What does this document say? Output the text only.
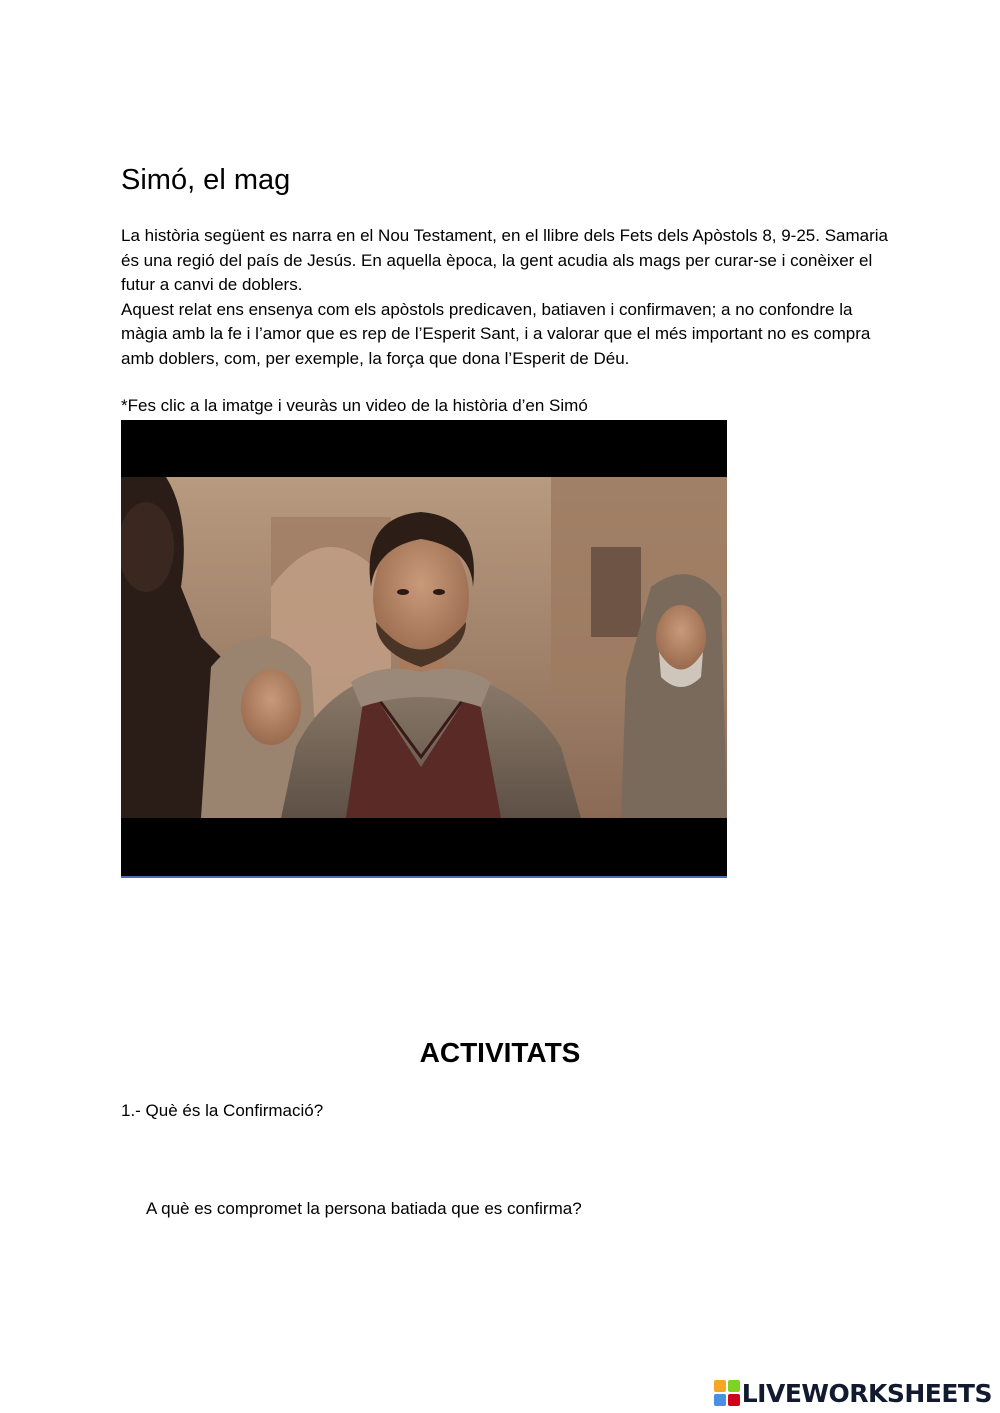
Simó, el mag

La història següent es narra en el Nou Testament, en el llibre dels Fets dels Apòstols 8, 9-25. Samaria és una regió del país de Jesús. En aquella època, la gent acudia als mags per curar-se i conèixer el futur a canvi de doblers.

Aquest relat ens ensenya com els apòstols predicaven, batiaven i confirmaven; a no confondre la màgia amb la fe i l’amor que es rep de l’Esperit Sant, i a valorar que el més important no es compra amb doblers, com, per exemple, la força que dona l’Esperit de Déu.

*Fes clic a la imatge i veuràs un video de la història d’en Simó
ACTIVITATS
1.- Què és la Confirmació?
A què es compromet la persona batiada que es confirma?
LIVEWORKSHEETS
